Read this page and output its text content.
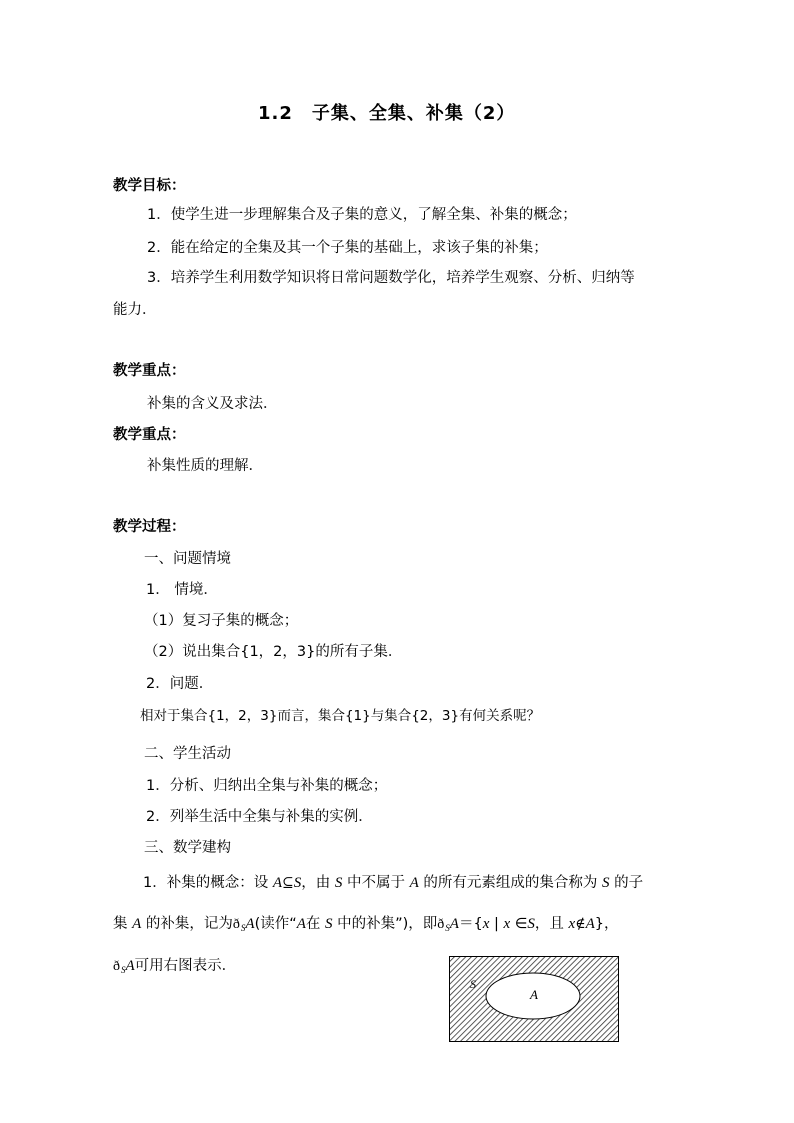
1.2　子集、全集、补集（2）
教学目标：
1．使学生进一步理解集合及子集的意义，了解全集、补集的概念；
2．能在给定的全集及其一个子集的基础上，求该子集的补集；
3．培养学生利用数学知识将日常问题数学化，培养学生观察、分析、归纳等
能力．
教学重点：
补集的含义及求法．
教学重点：
补集性质的理解．
教学过程：
一、问题情境
1． 情境．
（1）复习子集的概念；
（2）说出集合{1，2，3}的所有子集．
2．问题．
相对于集合{1，2，3}而言，集合{1}与集合{2，3}有何关系呢？
二、学生活动
1．分析、归纳出全集与补集的概念；
2．列举生活中全集与补集的实例．
三、数学建构
1．补集的概念：设 A⊆S，由 S 中不属于 A 的所有元素组成的集合称为 S 的子
集 A 的补集，记为$ð_SA$(读作“A在 S 中的补集”)，即$ð_SA=\{x$ | x ∈S，且 x∉A}，
$ð_SA$可用右图表示．
S
A
